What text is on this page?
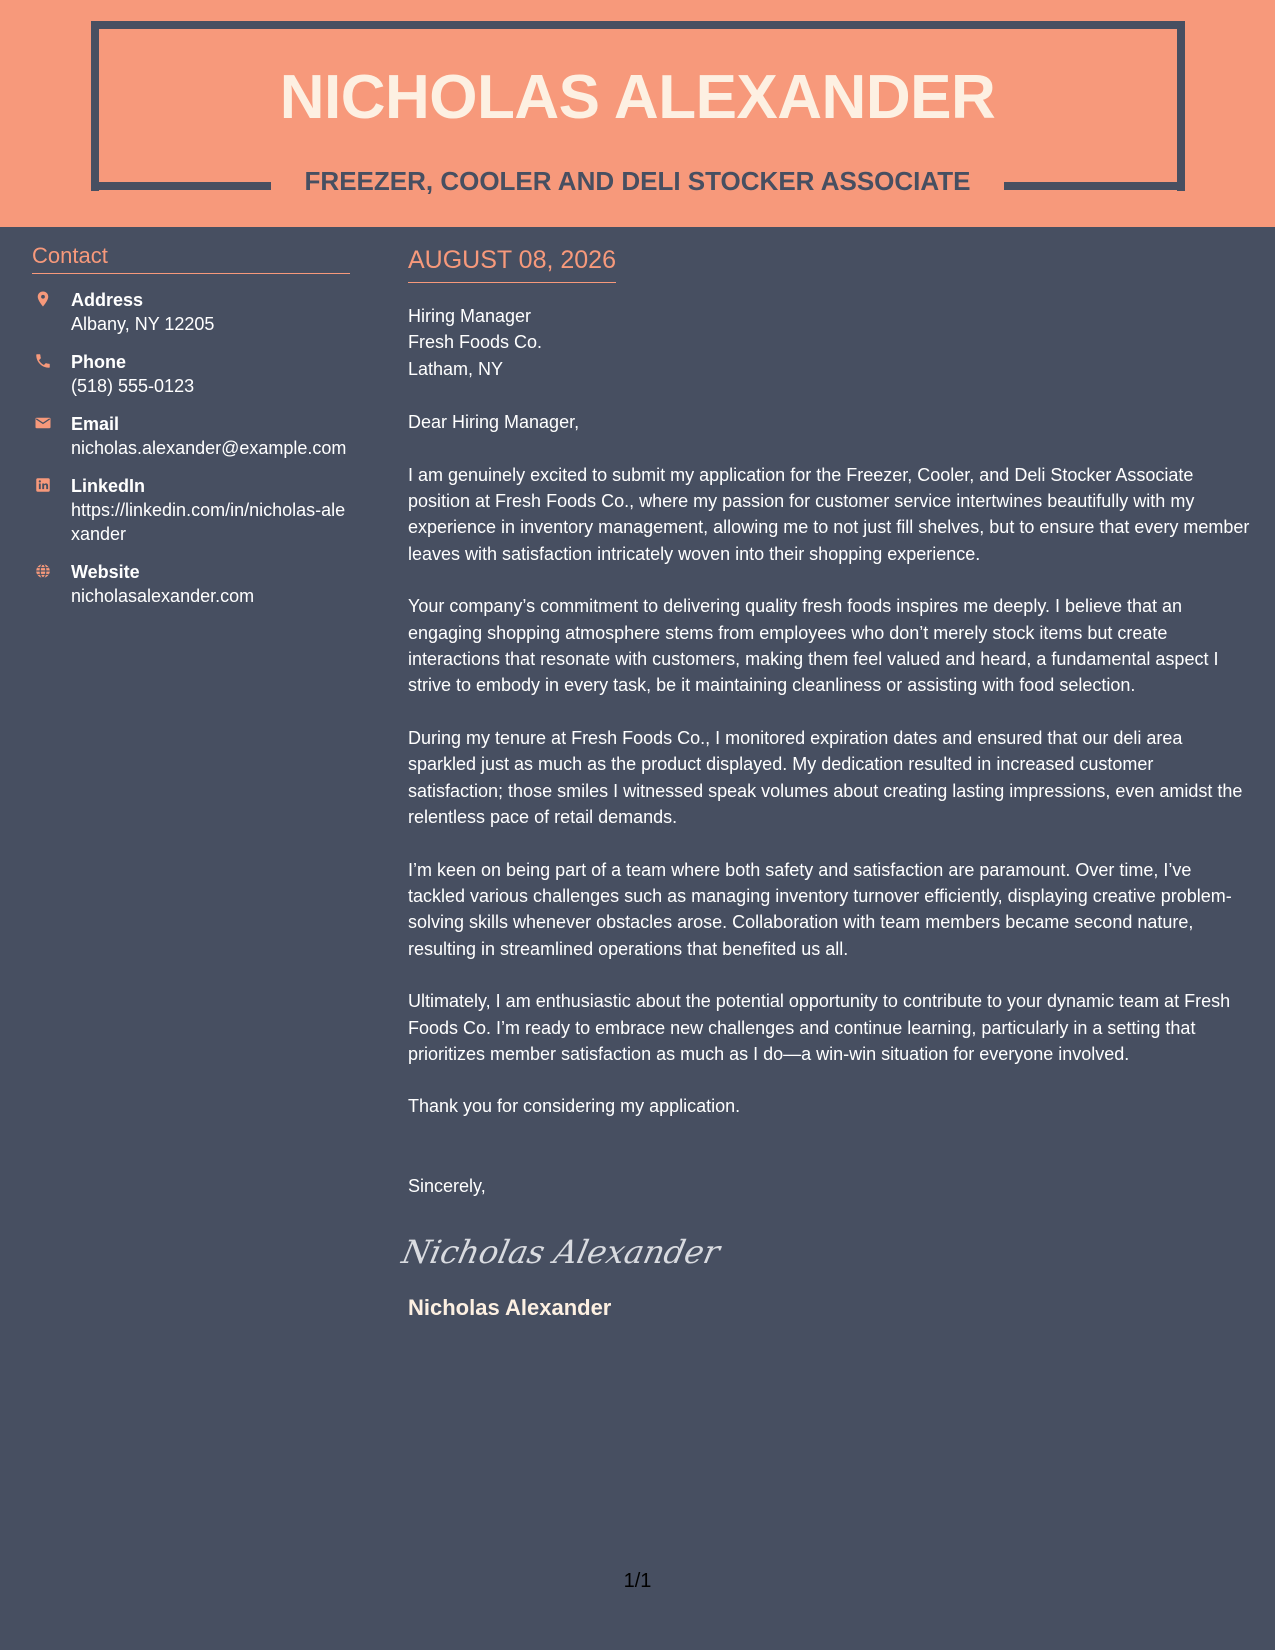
NICHOLAS ALEXANDER
FREEZER, COOLER AND DELI STOCKER ASSOCIATE
Contact
Address
Albany, NY 12205
Phone
(518) 555-0123
Email
nicholas.alexander@example.com
LinkedIn
https://linkedin.com/in/nicholas-alexander
Website
nicholasalexander.com
AUGUST 08, 2026
Hiring Manager
Fresh Foods Co.
Latham, NY
Dear Hiring Manager,
I am genuinely excited to submit my application for the Freezer, Cooler, and Deli Stocker Associate position at Fresh Foods Co., where my passion for customer service intertwines beautifully with my experience in inventory management, allowing me to not just fill shelves, but to ensure that every member leaves with satisfaction intricately woven into their shopping experience.
Your company’s commitment to delivering quality fresh foods inspires me deeply. I believe that an engaging shopping atmosphere stems from employees who don’t merely stock items but create interactions that resonate with customers, making them feel valued and heard, a fundamental aspect I strive to embody in every task, be it maintaining cleanliness or assisting with food selection.
During my tenure at Fresh Foods Co., I monitored expiration dates and ensured that our deli area sparkled just as much as the product displayed. My dedication resulted in increased customer satisfaction; those smiles I witnessed speak volumes about creating lasting impressions, even amidst the relentless pace of retail demands.
I’m keen on being part of a team where both safety and satisfaction are paramount. Over time, I’ve tackled various challenges such as managing inventory turnover efficiently, displaying creative problem-solving skills whenever obstacles arose. Collaboration with team members became second nature, resulting in streamlined operations that benefited us all.
Ultimately, I am enthusiastic about the potential opportunity to contribute to your dynamic team at Fresh Foods Co. I’m ready to embrace new challenges and continue learning, particularly in a setting that prioritizes member satisfaction as much as I do—a win-win situation for everyone involved.
Thank you for considering my application.
Sincerely,
Nicholas Alexander
Nicholas Alexander
1/1
